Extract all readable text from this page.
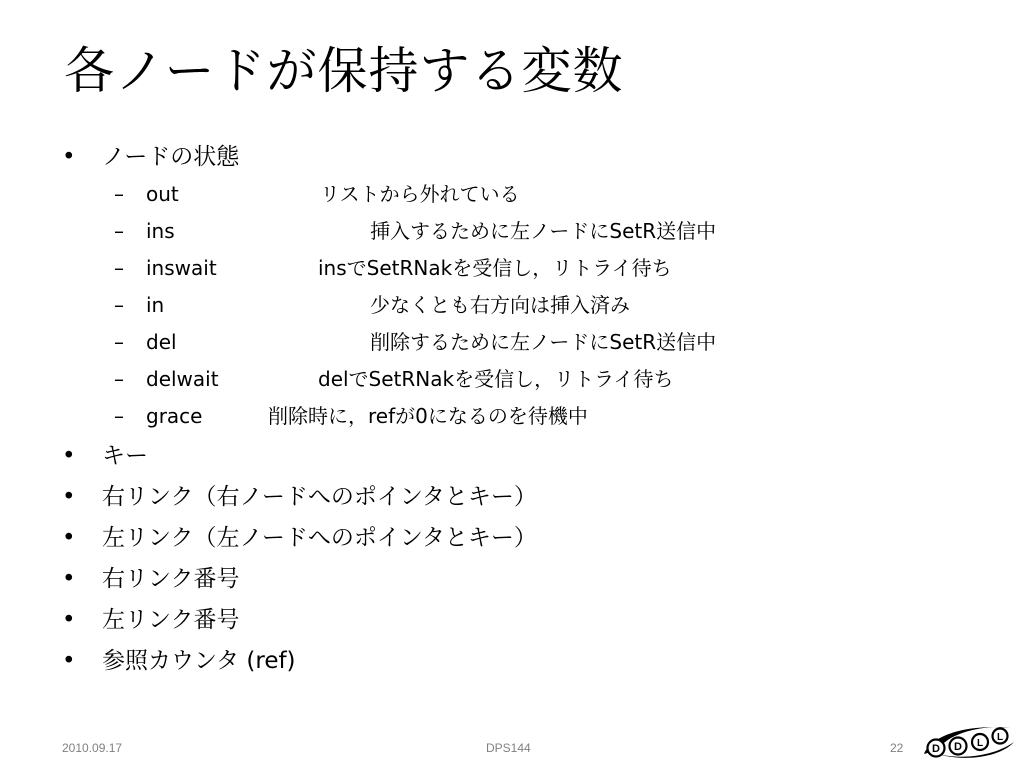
各ノードが保持する変数
• ノードの状態
– out	リストから外れている
– ins	挿入するために左ノードにSetR送信中
– inswait	insでSetRNakを受信し，リトライ待ち
– in	少なくとも右方向は挿入済み
– del	削除するために左ノードにSetR送信中
– delwait	delでSetRNakを受信し，リトライ待ち
– grace	削除時に，refが0になるのを待機中
• キー
• 右リンク（右ノードへのポインタとキー）
• 左リンク（左ノードへのポインタとキー）
• 右リンク番号
• 左リンク番号
• 参照カウンタ (ref)
2010.09.17	DPS144	22	D D L
L
